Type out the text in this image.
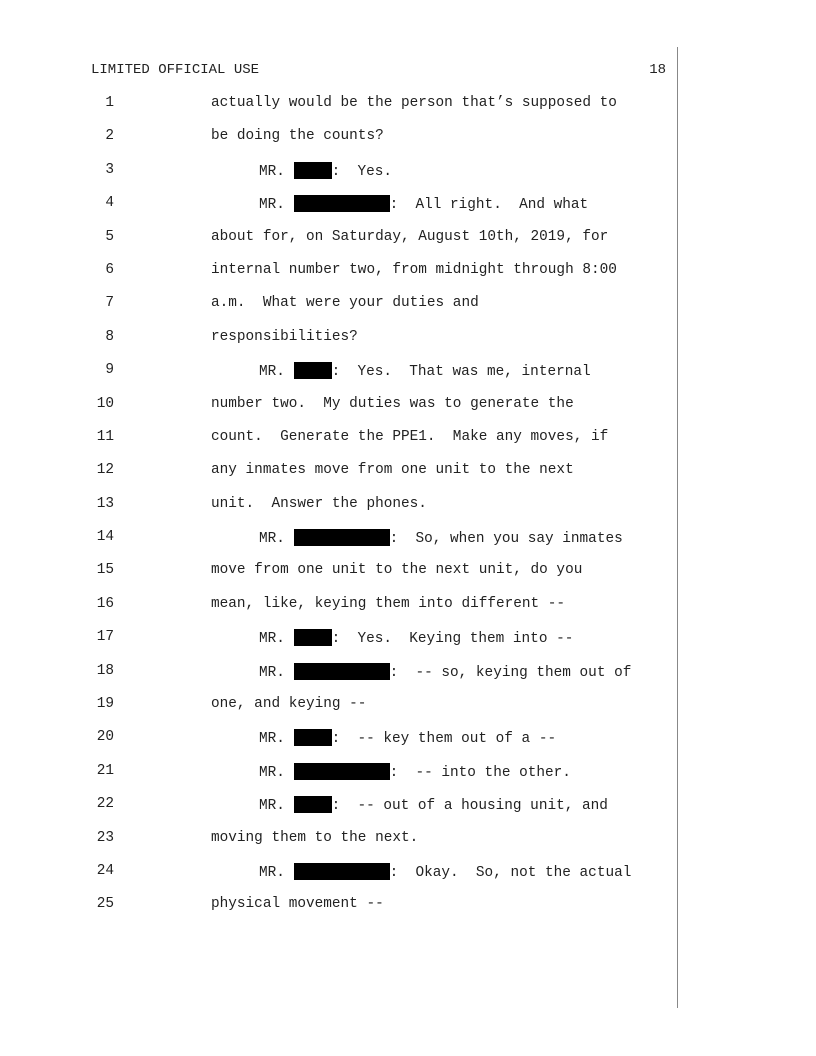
LIMITED OFFICIAL USE	18
1	actually would be the person that’s supposed to
2	be doing the counts?
3	MR.	:  Yes.
4	MR.	:  All right.  And what
5	about for, on Saturday, August 10th, 2019, for
6	internal number two, from midnight through 8:00
7	a.m.  What were your duties and
8	responsibilities?
9	MR.	:  Yes.  That was me, internal
10	number two.  My duties was to generate the
11	count.  Generate the PPE1.  Make any moves, if
12	any inmates move from one unit to the next
13	unit.  Answer the phones.
14	MR.	:  So, when you say inmates
15	move from one unit to the next unit, do you
16	mean, like, keying them into different --
17	MR.	:  Yes.  Keying them into --
18	MR.	:  -- so, keying them out of
19	one, and keying --
20	MR.	:  -- key them out of a --
21	MR.	:  -- into the other.
22	MR.	:  -- out of a housing unit, and
23	moving them to the next.
24	MR.	:  Okay.  So, not the actual
25	physical movement --
